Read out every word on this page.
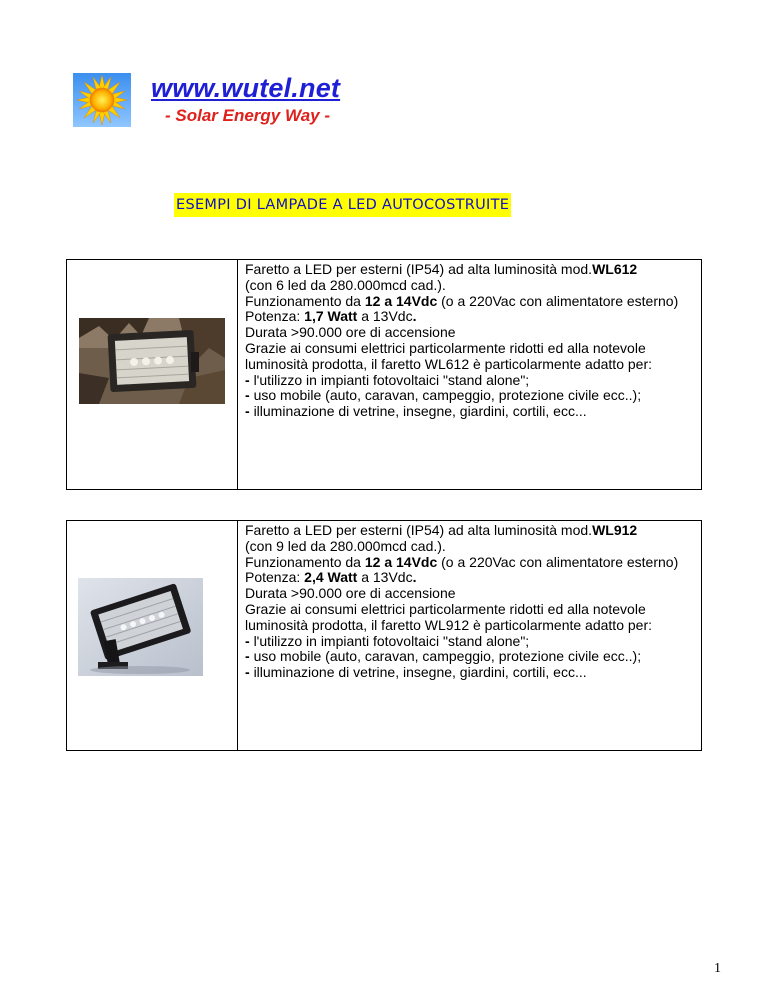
www.wutel.net
- Solar Energy Way -
ESEMPI DI LAMPADE A LED AUTOCOSTRUITE

Faretto a LED per esterni (IP54) ad alta luminosità mod.WL612

(con 6 led da 280.000mcd cad.).

Funzionamento da 12 a 14Vdc (o a 220Vac con alimentatore esterno)

Potenza: 1,7 Watt a 13Vdc.

Durata >90.000 ore di accensione

Grazie ai consumi elettrici particolarmente ridotti ed alla notevole luminosità prodotta, il faretto WL612 è particolarmente adatto per:

- l'utilizzo in impianti fotovoltaici "stand alone";

- uso mobile (auto, caravan, campeggio, protezione civile ecc..);

- illuminazione di vetrine, insegne, giardini, cortili, ecc...

Faretto a LED per esterni (IP54) ad alta luminosità mod.WL912

(con 9 led da 280.000mcd cad.).

Funzionamento da 12 a 14Vdc (o a 220Vac con alimentatore esterno)

Potenza: 2,4 Watt a 13Vdc.

Durata >90.000 ore di accensione

Grazie ai consumi elettrici particolarmente ridotti ed alla notevole luminosità prodotta, il faretto WL912 è particolarmente adatto per:

- l'utilizzo in impianti fotovoltaici "stand alone";

- uso mobile (auto, caravan, campeggio, protezione civile ecc..);

- illuminazione di vetrine, insegne, giardini, cortili, ecc...

1
